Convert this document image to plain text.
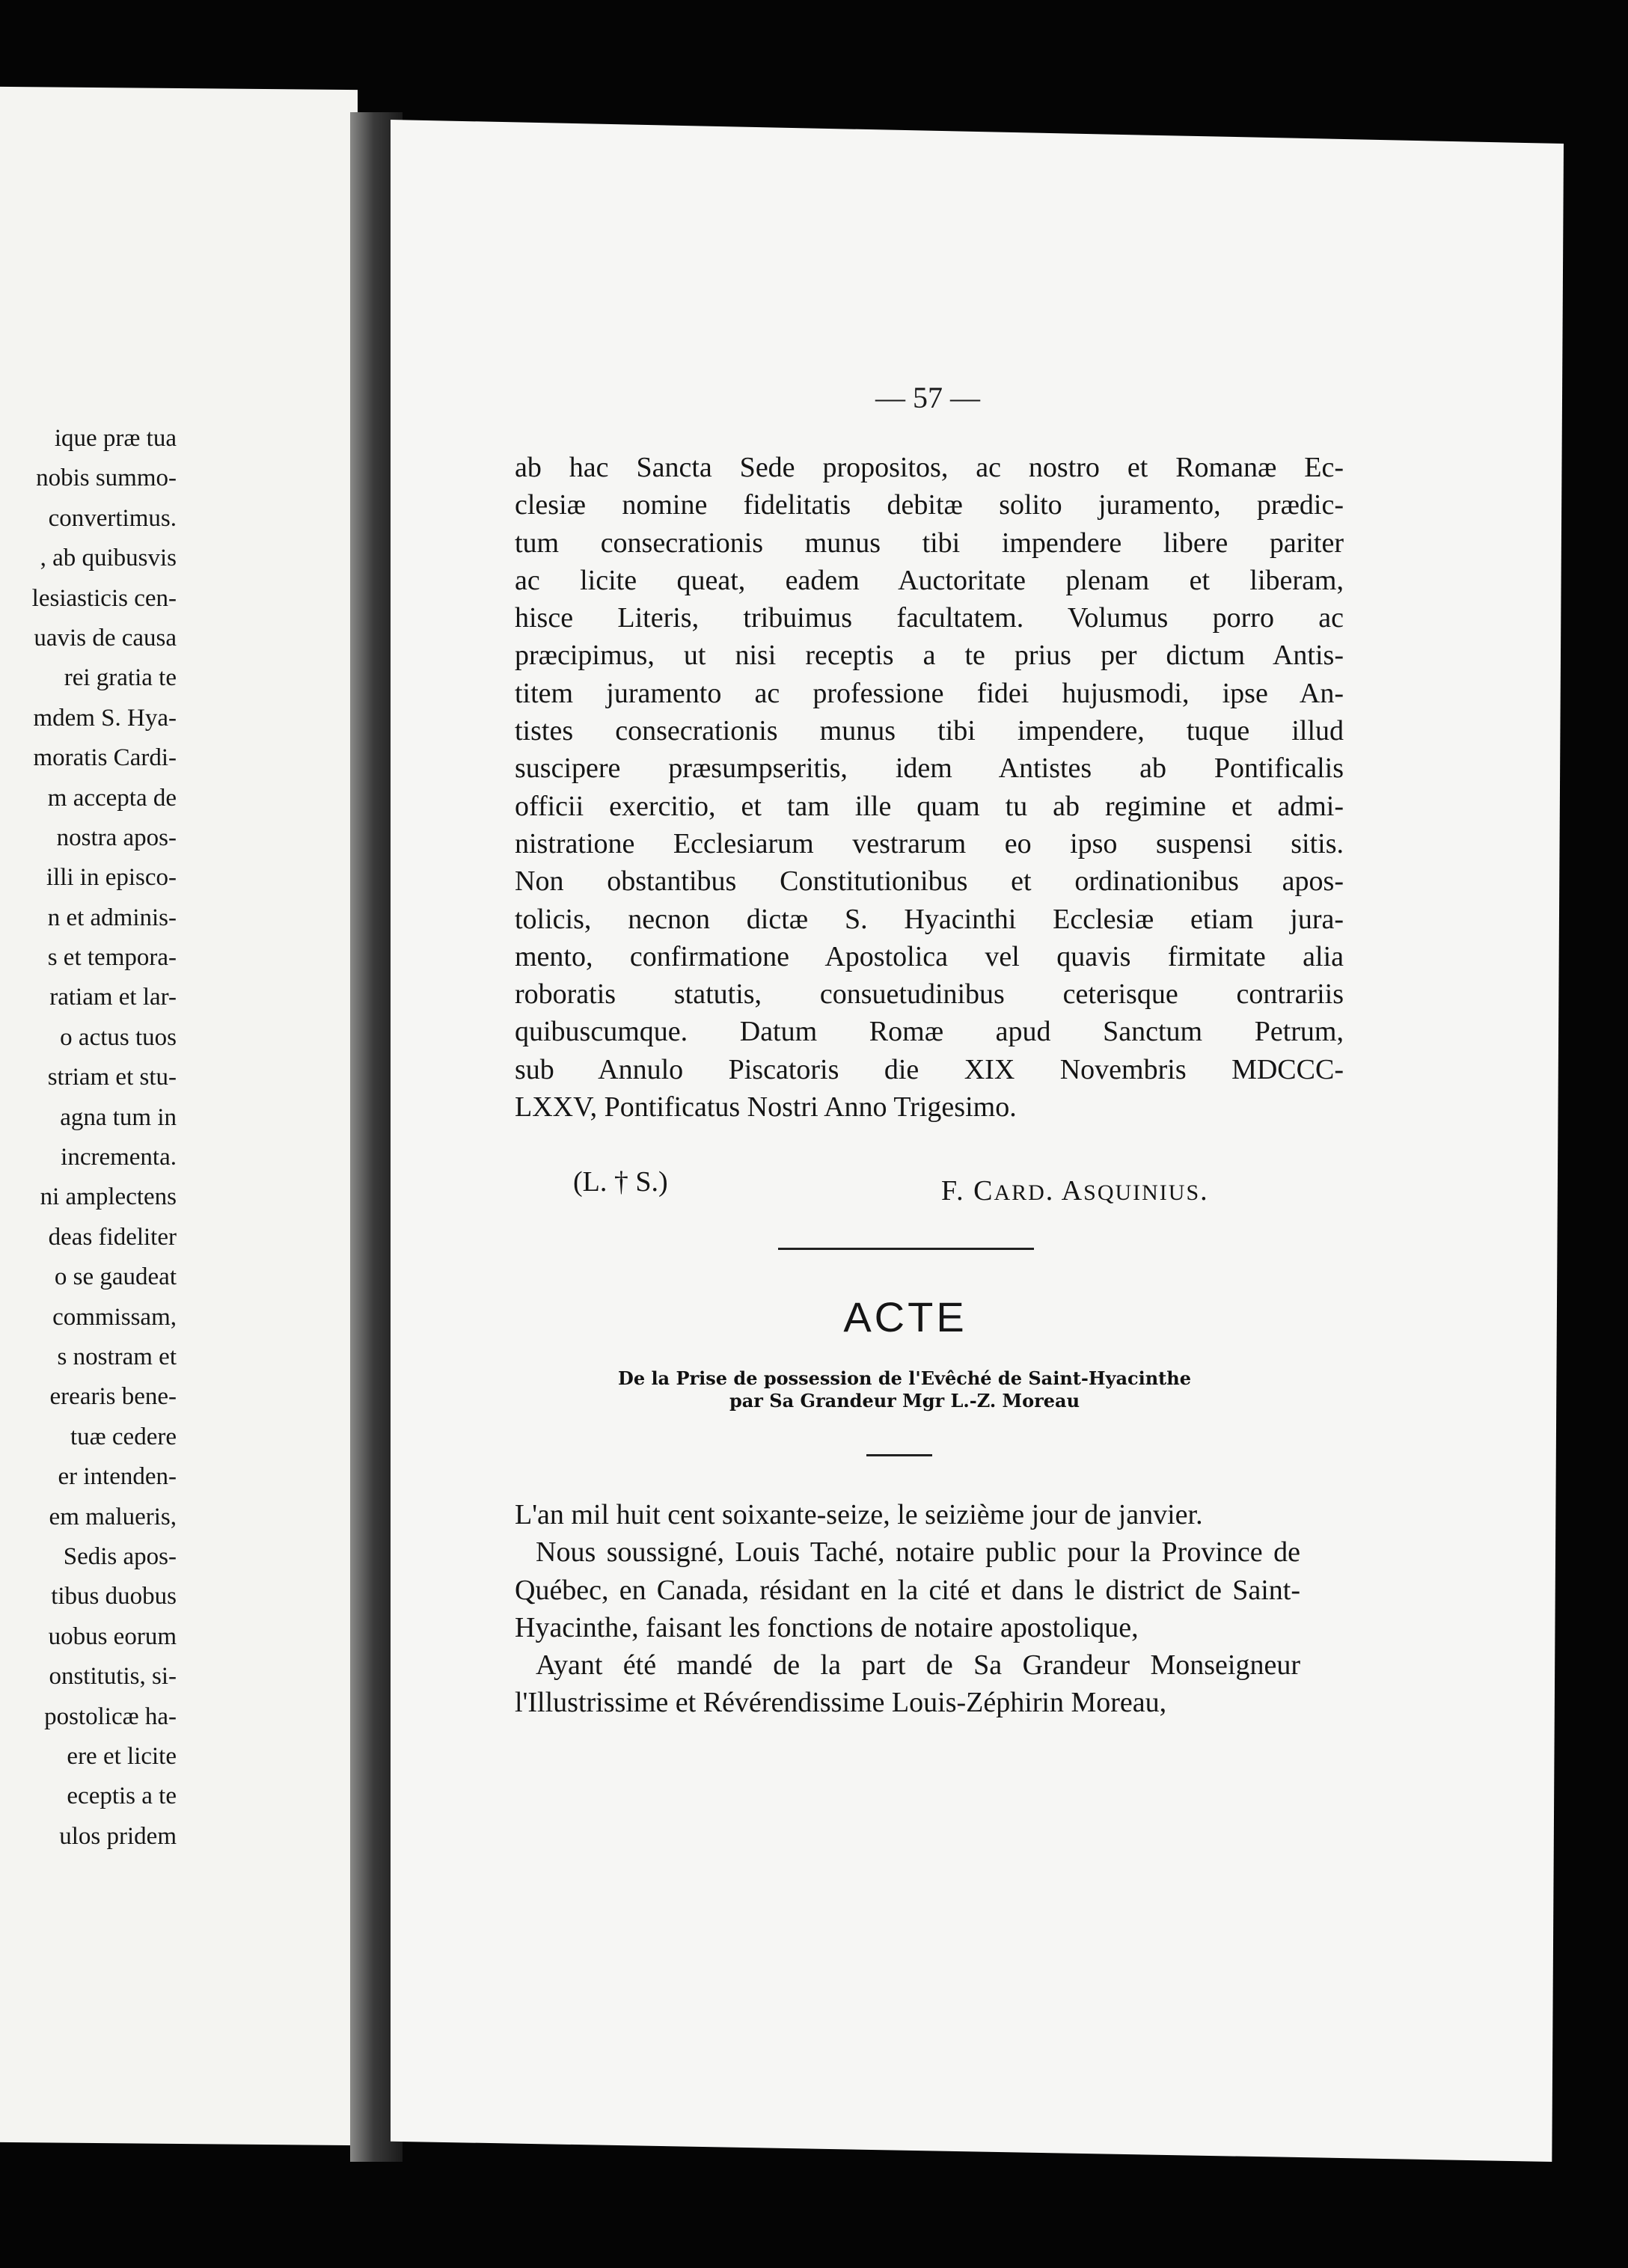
ique præ tua
nobis summo-
convertimus.
, ab quibusvis
lesiasticis cen-
uavis de causa
rei gratia te
mdem S. Hya-
moratis Cardi-
m accepta de
nostra apos-
illi in episco-
n et adminis-
s et tempora-
ratiam et lar-
o actus tuos
striam et stu-
agna tum in
incrementa.
ni amplectens
deas fideliter
o se gaudeat
commissam,
s nostram et
erearis bene-
tuæ cedere
er intenden-
em malueris,
Sedis apos-
tibus duobus
uobus eorum
onstitutis, si-
postolicæ ha-
ere et licite
eceptis a te
ulos pridem
— 57 —
ab hac Sancta Sede propositos, ac nostro et Romanæ Ec-
clesiæ nomine fidelitatis debitæ solito juramento, prædic-
tum consecrationis munus tibi impendere libere pariter
ac licite queat, eadem Auctoritate plenam et liberam,
hisce Literis, tribuimus facultatem. Volumus porro ac
præcipimus, ut nisi receptis a te prius per dictum Antis-
titem juramento ac professione fidei hujusmodi, ipse An-
tistes consecrationis munus tibi impendere, tuque illud
suscipere præsumpseritis, idem Antistes ab Pontificalis
officii exercitio, et tam ille quam tu ab regimine et admi-
nistratione Ecclesiarum vestrarum eo ipso suspensi sitis.
Non obstantibus Constitutionibus et ordinationibus apos-
tolicis, necnon dictæ S. Hyacinthi Ecclesiæ etiam jura-
mento, confirmatione Apostolica vel quavis firmitate alia
roboratis statutis, consuetudinibus ceterisque contrariis
quibuscumque. Datum Romæ apud Sanctum Petrum,
sub Annulo Piscatoris die XIX Novembris MDCCC-
LXXV, Pontificatus Nostri Anno Trigesimo.
(L. † S.)	F. CARD. ASQUINIUS.
ACTE
De la Prise de possession de l'Evêché de Saint-Hyacinthe
par Sa Grandeur Mgr L.-Z. Moreau
L'an mil huit cent soixante-seize, le seizième jour de janvier.
Nous soussigné, Louis Taché, notaire public pour la Province de Québec, en Canada, résidant en la cité et dans le district de Saint-Hyacinthe, faisant les fonctions de notaire apostolique,
Ayant été mandé de la part de Sa Grandeur Monseigneur l'Illustrissime et Révérendissime Louis-Zéphirin Moreau,
